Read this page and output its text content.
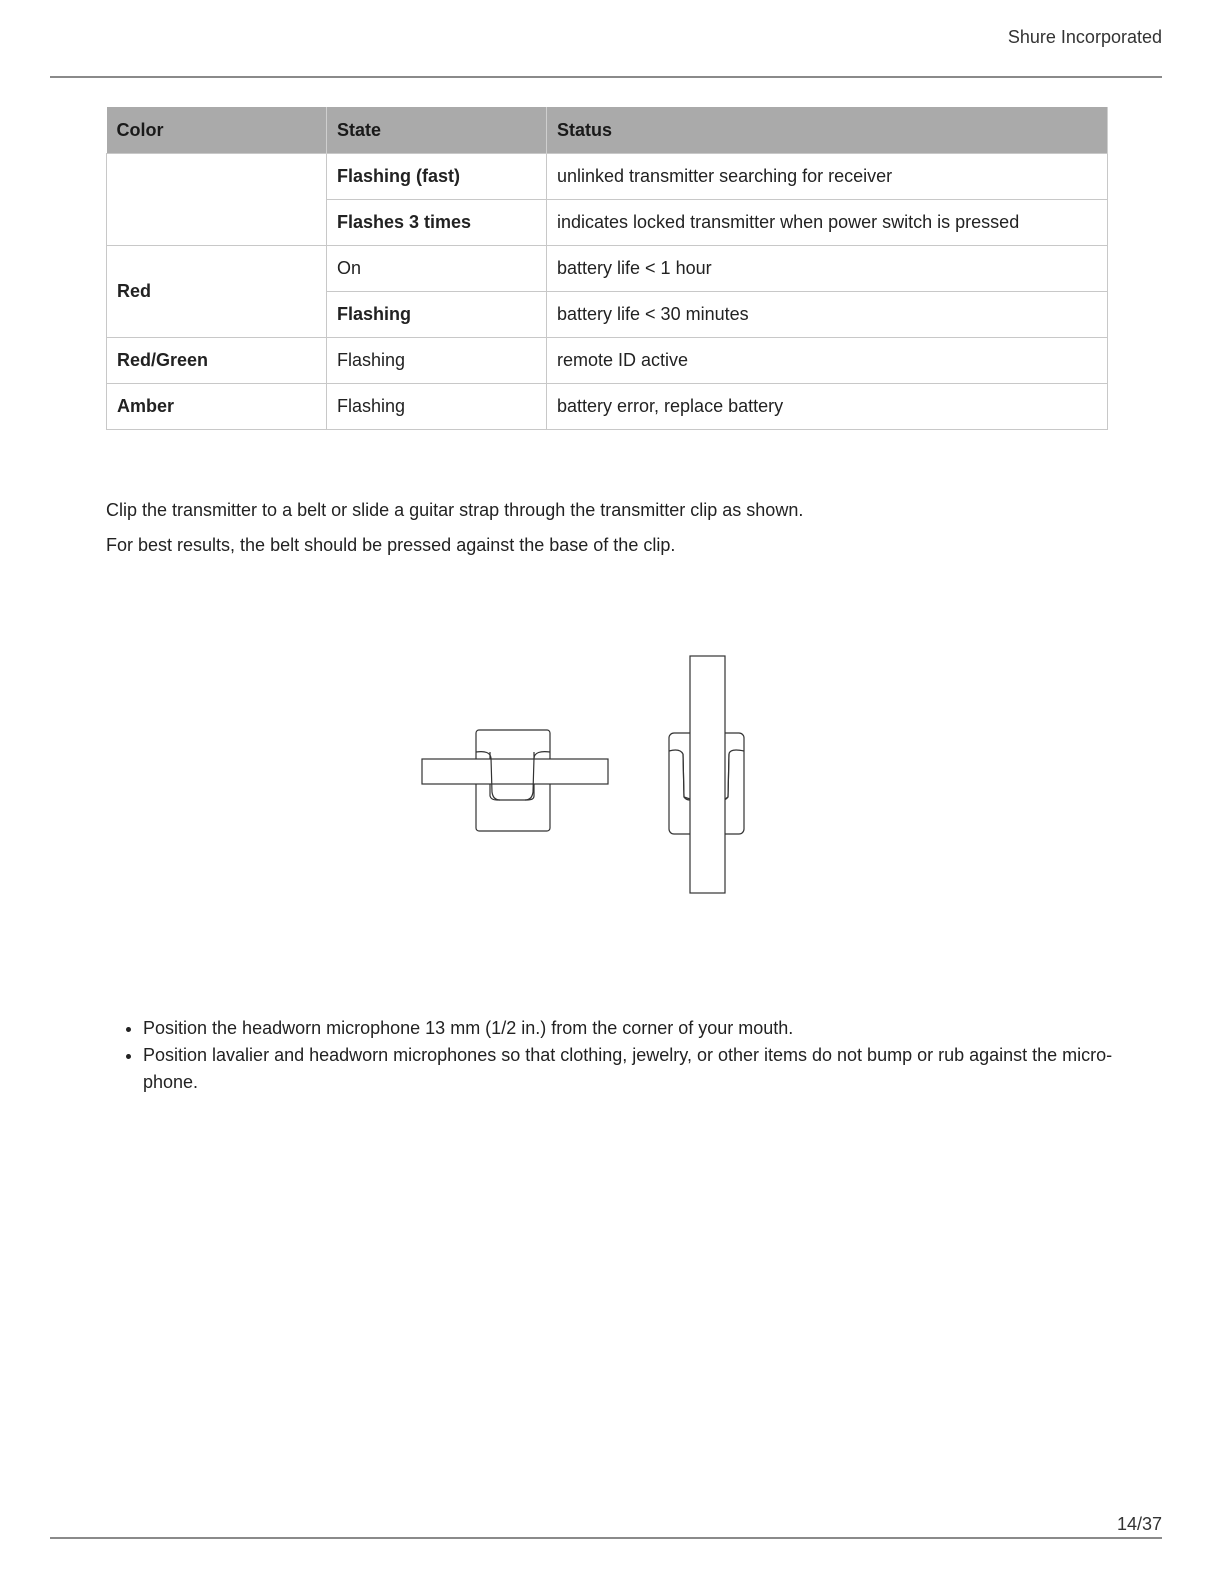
Shure Incorporated
Color	State	Status
	Flashing (fast)	unlinked transmitter searching for receiver
	Flashes 3 times	indicates locked transmitter when power switch is pressed
Red	On	battery life < 1 hour
	Flashing	battery life < 30 minutes
Red/Green	Flashing	remote ID active
Amber	Flashing	battery error, replace battery
Clip the transmitter to a belt or slide a guitar strap through the transmitter clip as shown.
For best results, the belt should be pressed against the base of the clip.
• Position the headworn microphone 13 mm (1/2 in.) from the corner of your mouth.
• Position lavalier and headworn microphones so that clothing, jewelry, or other items do not bump or rub against the micro-phone.
14/37
